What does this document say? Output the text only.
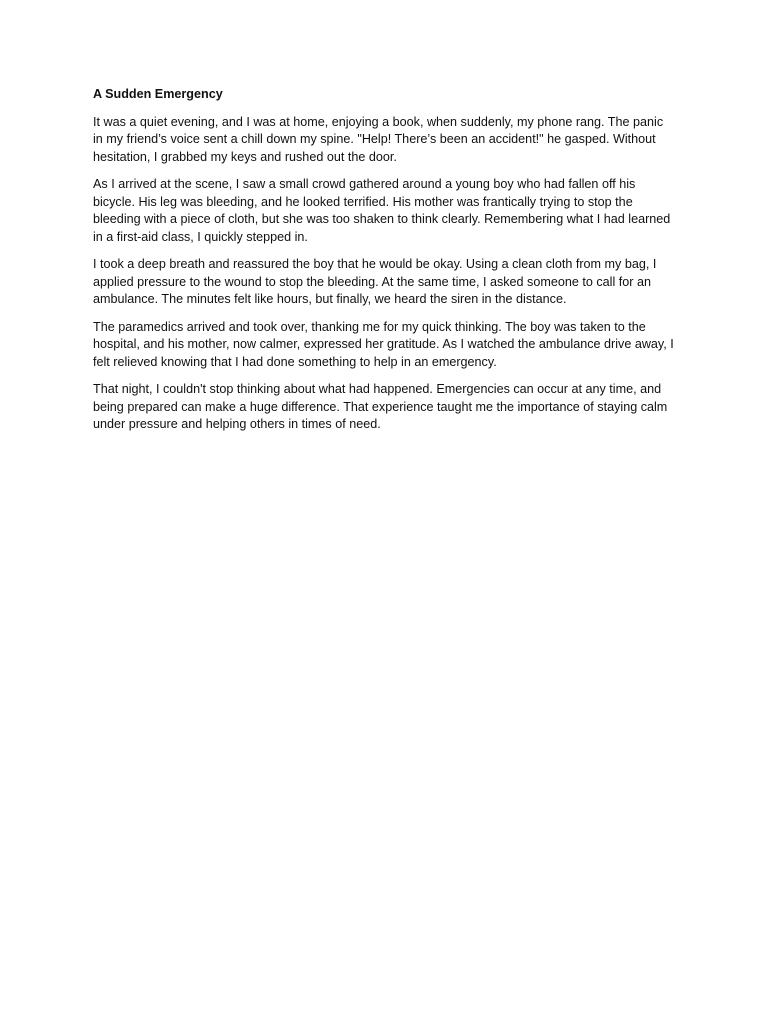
A Sudden Emergency

It was a quiet evening, and I was at home, enjoying a book, when suddenly, my phone rang. The panic in my friend’s voice sent a chill down my spine. "Help! There’s been an accident!" he gasped. Without hesitation, I grabbed my keys and rushed out the door.

As I arrived at the scene, I saw a small crowd gathered around a young boy who had fallen off his bicycle. His leg was bleeding, and he looked terrified. His mother was frantically trying to stop the bleeding with a piece of cloth, but she was too shaken to think clearly. Remembering what I had learned in a first-aid class, I quickly stepped in.

I took a deep breath and reassured the boy that he would be okay. Using a clean cloth from my bag, I applied pressure to the wound to stop the bleeding. At the same time, I asked someone to call for an ambulance. The minutes felt like hours, but finally, we heard the siren in the distance.

The paramedics arrived and took over, thanking me for my quick thinking. The boy was taken to the hospital, and his mother, now calmer, expressed her gratitude. As I watched the ambulance drive away, I felt relieved knowing that I had done something to help in an emergency.

That night, I couldn't stop thinking about what had happened. Emergencies can occur at any time, and being prepared can make a huge difference. That experience taught me the importance of staying calm under pressure and helping others in times of need.
